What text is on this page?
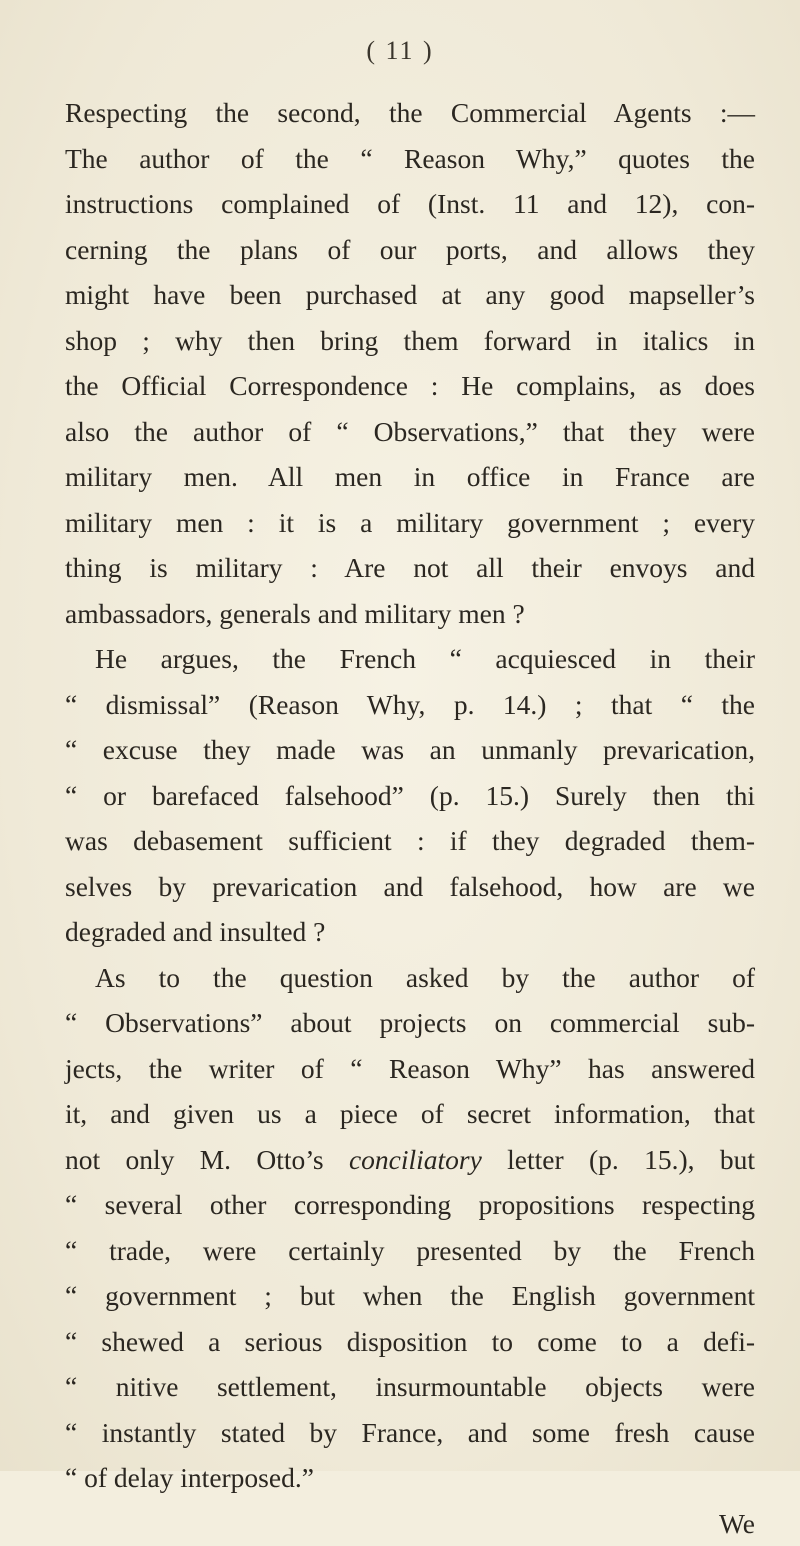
( 11 )
Respecting the second, the Commercial Agents :—
The author of the “ Reason Why,” quotes the
instructions complained of (Inst. 11 and 12), con-
cerning the plans of our ports, and allows they
might have been purchased at any good mapseller’s
shop ; why then bring them forward in italics in
the Official Correspondence : He complains, as does
also the author of “ Observations,” that they were
military men. All men in office in France are
military men : it is a military government ; every
thing is military : Are not all their envoys and
ambassadors, generals and military men ?
He argues, the French “ acquiesced in their
“ dismissal” (Reason Why, p. 14.) ; that “ the
“ excuse they made was an unmanly prevarication,
“ or barefaced falsehood” (p. 15.) Surely then thi
was debasement sufficient : if they degraded them-
selves by prevarication and falsehood, how are we
degraded and insulted ?
As to the question asked by the author of
“ Observations” about projects on commercial sub-
jects, the writer of “ Reason Why” has answered
it, and given us a piece of secret information, that
not only M. Otto’s conciliatory letter (p. 15.), but
“ several other corresponding propositions respecting
“ trade, were certainly presented by the French
“ government ; but when the English government
“ shewed a serious disposition to come to a defi-
“ nitive settlement, insurmountable objects were
“ instantly stated by France, and some fresh cause
“ of delay interposed.”
We
